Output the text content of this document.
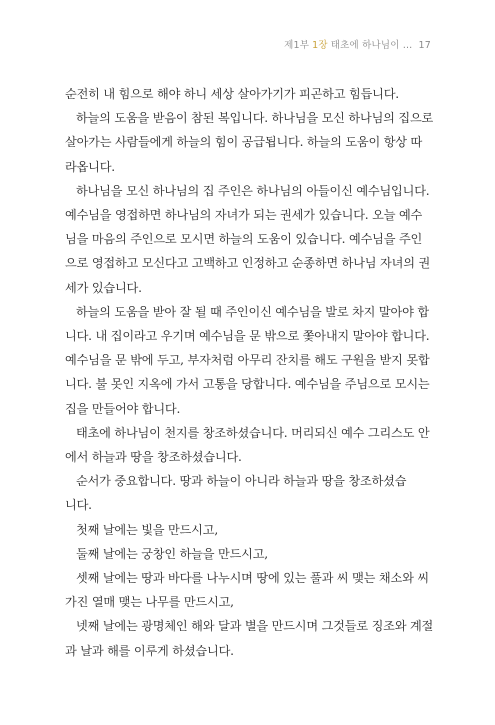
제1부 1장 태초에 하나님이 … 17

순전히 내 힘으로 해야 하니 세상 살아가기가 피곤하고 힘듭니다.

하늘의 도움을 받음이 참된 복입니다. 하나님을 모신 하나님의 집으로
살아가는 사람들에게 하늘의 힘이 공급됩니다. 하늘의 도움이 항상 따
라옵니다.

하나님을 모신 하나님의 집 주인은 하나님의 아들이신 예수님입니다.
예수님을 영접하면 하나님의 자녀가 되는 권세가 있습니다. 오늘 예수
님을 마음의 주인으로 모시면 하늘의 도움이 있습니다. 예수님을 주인
으로 영접하고 모신다고 고백하고 인정하고 순종하면 하나님 자녀의 권
세가 있습니다.

하늘의 도움을 받아 잘 될 때 주인이신 예수님을 발로 차지 말아야 합
니다. 내 집이라고 우기며 예수님을 문 밖으로 쫓아내지 말아야 합니다.
예수님을 문 밖에 두고, 부자처럼 아무리 잔치를 해도 구원을 받지 못합
니다. 불 못인 지옥에 가서 고통을 당합니다. 예수님을 주님으로 모시는
집을 만들어야 합니다.

태초에 하나님이 천지를 창조하셨습니다. 머리되신 예수 그리스도 안
에서 하늘과 땅을 창조하셨습니다.

순서가 중요합니다. 땅과 하늘이 아니라 하늘과 땅을 창조하셨습
니다.

첫째 날에는 빛을 만드시고,

둘째 날에는 궁창인 하늘을 만드시고,

셋째 날에는 땅과 바다를 나누시며 땅에 있는 풀과 씨 맺는 채소와 씨
가진 열매 맺는 나무를 만드시고,

넷째 날에는 광명체인 해와 달과 별을 만드시며 그것들로 징조와 계절
과 날과 해를 이루게 하셨습니다.
